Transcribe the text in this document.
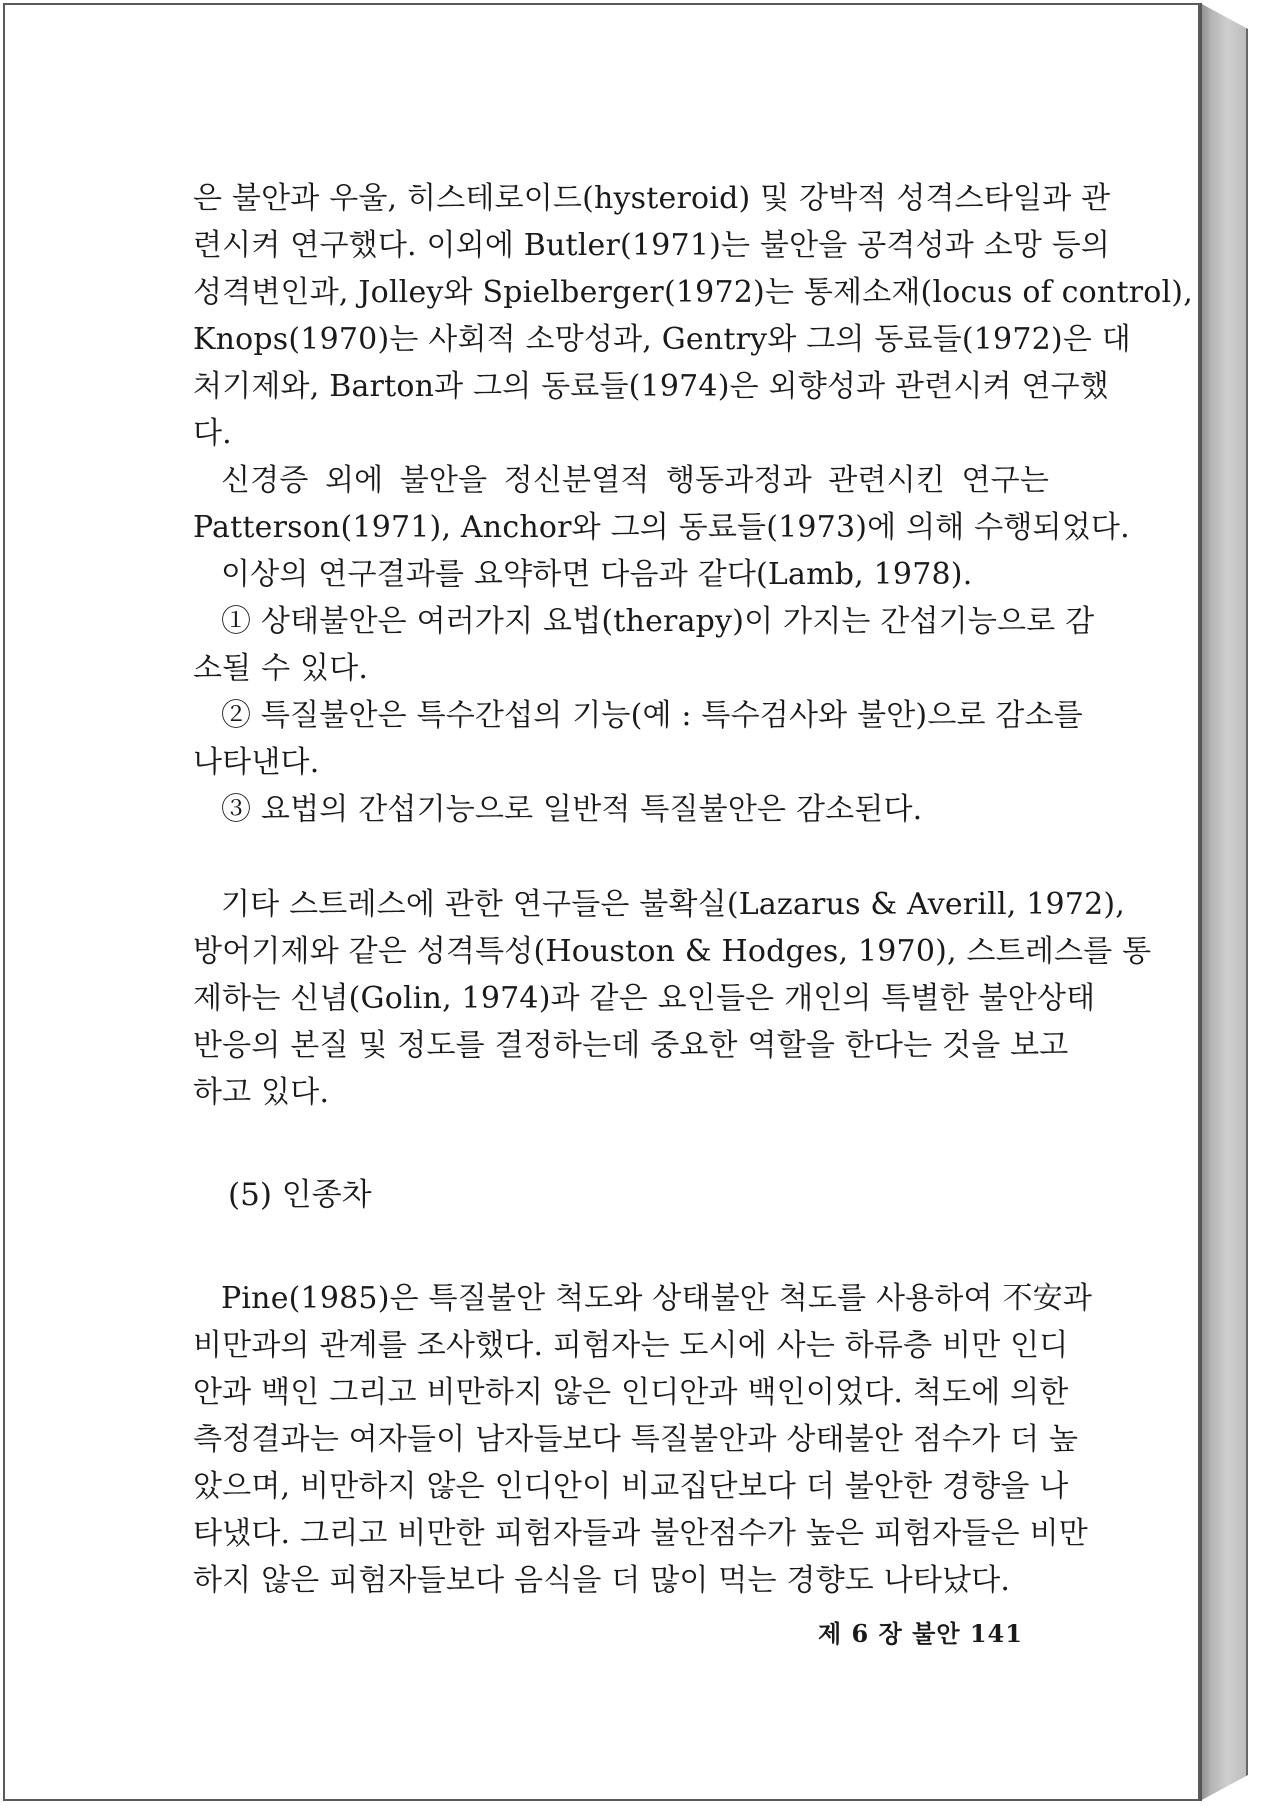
은 불안과 우울, 히스테로이드(hysteroid) 및 강박적 성격스타일과 관
련시켜 연구했다. 이외에 Butler(1971)는 불안을 공격성과 소망 등의
성격변인과, Jolley와 Spielberger(1972)는 통제소재(locus of control),
Knops(1970)는 사회적 소망성과, Gentry와 그의 동료들(1972)은 대
처기제와, Barton과 그의 동료들(1974)은 외향성과 관련시켜 연구했
다.
신경증 외에 불안을 정신분열적 행동과정과 관련시킨 연구는
Patterson(1971), Anchor와 그의 동료들(1973)에 의해 수행되었다.
이상의 연구결과를 요약하면 다음과 같다(Lamb, 1978).
① 상태불안은 여러가지 요법(therapy)이 가지는 간섭기능으로 감
소될 수 있다.
② 특질불안은 특수간섭의 기능(예 : 특수검사와 불안)으로 감소를
나타낸다.
③ 요법의 간섭기능으로 일반적 특질불안은 감소된다.
기타 스트레스에 관한 연구들은 불확실(Lazarus & Averill, 1972),
방어기제와 같은 성격특성(Houston & Hodges, 1970), 스트레스를 통
제하는 신념(Golin, 1974)과 같은 요인들은 개인의 특별한 불안상태
반응의 본질 및 정도를 결정하는데 중요한 역할을 한다는 것을 보고
하고 있다.
(5) 인종차
Pine(1985)은 특질불안 척도와 상태불안 척도를 사용하여 不安과
비만과의 관계를 조사했다. 피험자는 도시에 사는 하류층 비만 인디
안과 백인 그리고 비만하지 않은 인디안과 백인이었다. 척도에 의한
측정결과는 여자들이 남자들보다 특질불안과 상태불안 점수가 더 높
았으며, 비만하지 않은 인디안이 비교집단보다 더 불안한 경향을 나
타냈다. 그리고 비만한 피험자들과 불안점수가 높은 피험자들은 비만
하지 않은 피험자들보다 음식을 더 많이 먹는 경향도 나타났다.
제 6 장 불안 141
